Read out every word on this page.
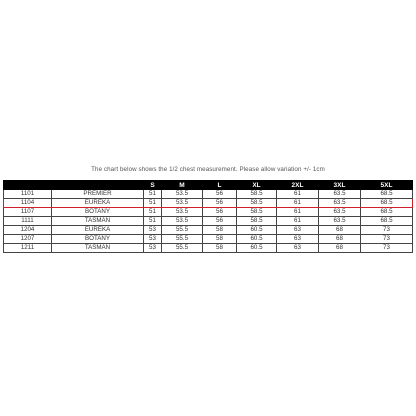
The chart below shows the 1/2 chest measurement. Please allow variation +/- 1cm
		S	M	L	XL	2XL	3XL	5XL
1101	PREMIER	51	53.5	56	58.5	61	63.5	68.5
1104	EUREKA	51	53.5	56	58.5	61	63.5	68.5
1107	BOTANY	51	53.5	56	58.5	61	63.5	68.5
1111	TASMAN	51	53.5	56	58.5	61	63.5	68.5
1204	EUREKA	53	55.5	58	60.5	63	68	73
1207	BOTANY	53	55.5	58	60.5	63	68	73
1211	TASMAN	53	55.5	58	60.5	63	68	73
